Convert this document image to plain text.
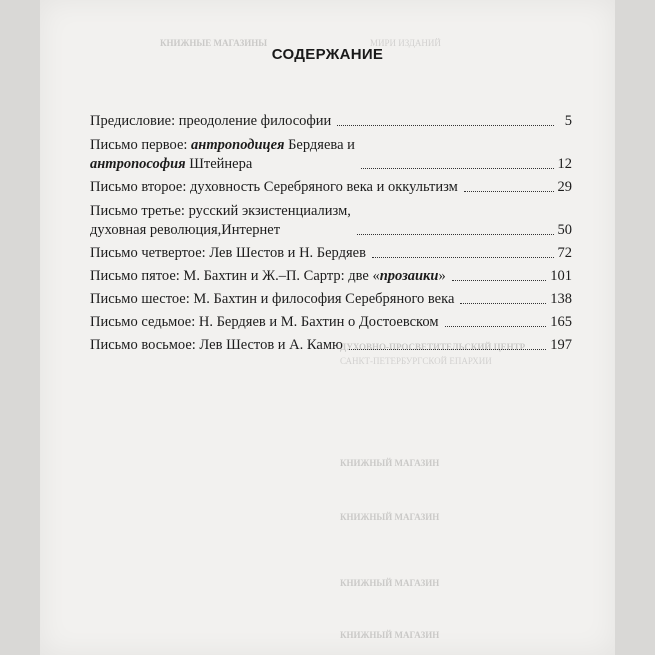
КНИЖНЫЕ МАГАЗИНЫ	МИРИ ИЗДАНИЙ
ДУХОВНО-ПРОСВЕТИТЕЛЬСКИЙ ЦЕНТР
САНКТ-ПЕТЕРБУРГСКОЙ ЕПАРХИИ
КНИЖНЫЙ МАГАЗИН
КНИЖНЫЙ МАГАЗИН
КНИЖНЫЙ МАГАЗИН
КНИЖНЫЙ МАГАЗИН
СОДЕРЖАНИЕ
Предисловие: преодоление философии	5
Письмо первое: антроподицея Бердяева и
антропософия Штейнера	12
Письмо второе: духовность Серебряного века и оккультизм	29
Письмо третье: русский экзистенциализм,
духовная революция,Интернет	50
Письмо четвертое: Лев Шестов и Н. Бердяев	72
Письмо пятое: М. Бахтин и Ж.–П. Сартр: две «прозаики»	101
Письмо шестое: М. Бахтин и философия Серебряного века	138
Письмо седьмое: Н. Бердяев и М. Бахтин о Достоевском	165
Письмо восьмое: Лев Шестов и А. Камю	197
